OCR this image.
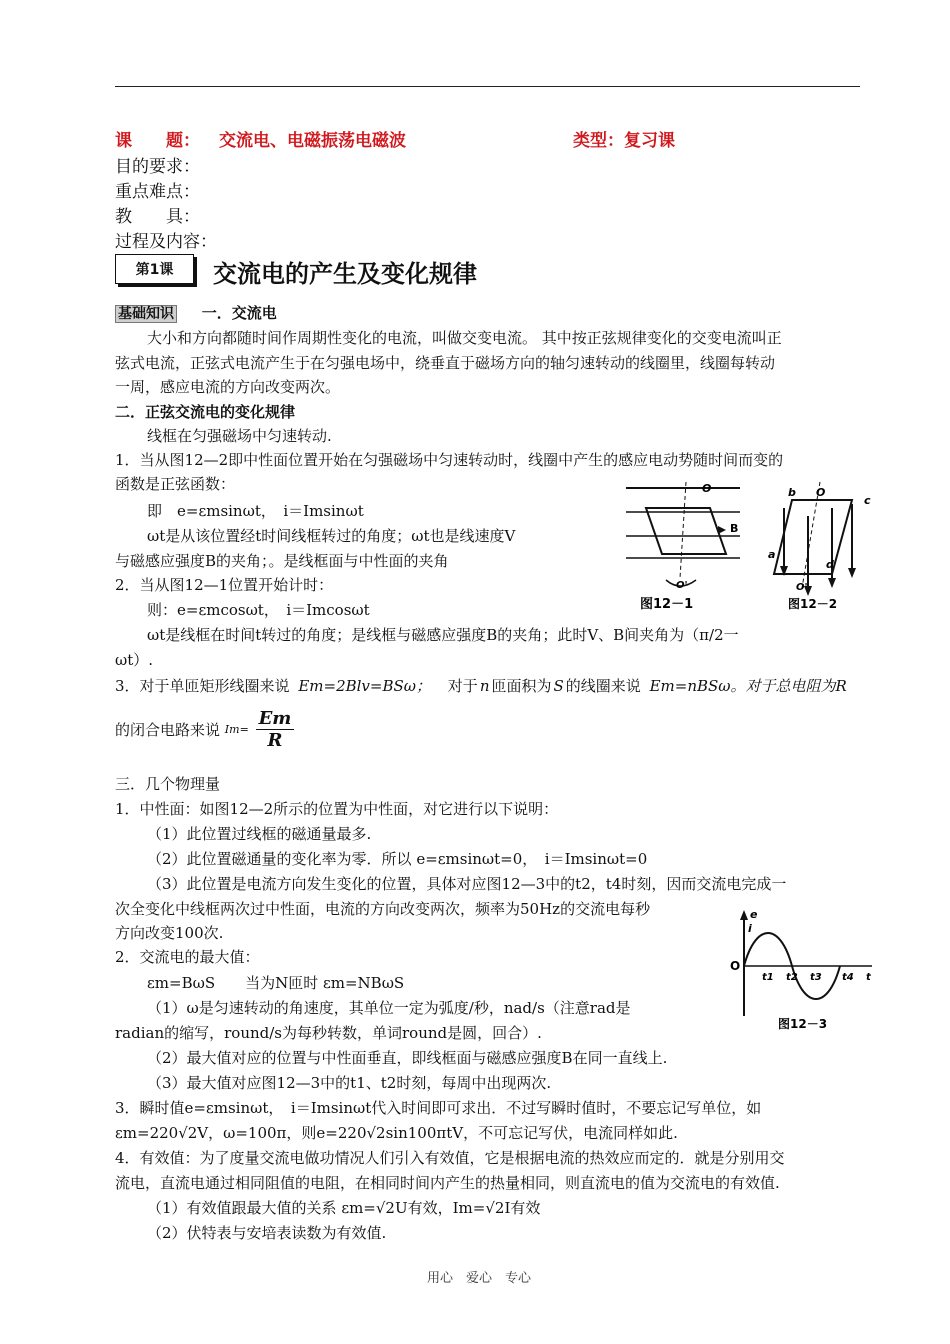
课　　题： 交流电、电磁振荡电磁波	类型：复习课
目的要求：
重点难点：
教　　具：
过程及内容：
第1课	交流电的产生及变化规律
基础知识 一．交流电
大小和方向都随时间作周期性变化的电流，叫做交变电流。 其中按正弦规律变化的交变电流叫正
弦式电流，正弦式电流产生于在匀强电场中，绕垂直于磁场方向的轴匀速转动的线圈里，线圈每转动
一周，感应电流的方向改变两次。
二．正弦交流电的变化规律
线框在匀强磁场中匀速转动.
1．当从图12—2即中性面位置开始在匀强磁场中匀速转动时，线圈中产生的感应电动势随时间而变的
函数是正弦函数：
即　e=εmsinωt，　i＝Imsinωt
ωt是从该位置经t时间线框转过的角度；ωt也是线速度V
与磁感应强度B的夹角；。是线框面与中性面的夹角
2．当从图12—1位置开始计时：
则：e=εmcosωt，　i＝Imcosωt
ωt是线框在时间t转过的角度；是线框与磁感应强度B的夹角；此时V、B间夹角为（π/2一
ωt）.
3．对于单匝矩形线圈来说 Em=2Blv=BSω； 对于 n 匝面积为 S 的线圈来说 Em=nBSω。对于总电阻为R
的闭合电路来说 $Im= \frac{Em}{R}$
三．几个物理量
1．中性面：如图12—2所示的位置为中性面，对它进行以下说明：
（1）此位置过线框的磁通量最多.
（2）此位置磁通量的变化率为零．所以 e=εmsinωt=0，　i＝Imsinωt=0
（3）此位置是电流方向发生变化的位置，具体对应图12—3中的t2，t4时刻，因而交流电完成一
次全变化中线框两次过中性面，电流的方向改变两次，频率为50Hz的交流电每秒
方向改变100次.
2．交流电的最大值：
εm=BωS　　当为N匝时 εm=NBωS
（1）ω是匀速转动的角速度，其单位一定为弧度/秒，nad/s（注意rad是
radian的缩写，round/s为每秒转数，单词round是圆，回合）.
（2）最大值对应的位置与中性面垂直，即线框面与磁感应强度B在同一直线上.
（3）最大值对应图12—3中的t1、t2时刻，每周中出现两次.
3．瞬时值e=εmsinωt，　i＝Imsinωt代入时间即可求出．不过写瞬时值时，不要忘记写单位，如
εm=220√2V，ω=100π，则e=220√2sin100πtV，不可忘记写伏，电流同样如此.
4．有效值：为了度量交流电做功情况人们引入有效值，它是根据电流的热效应而定的．就是分别用交
流电，直流电通过相同阻值的电阻，在相同时间内产生的热量相同，则直流电的值为交流电的有效值.
（1）有效值跟最大值的关系 εm=√2U有效，Im=√2I有效
（2）伏特表与安培表读数为有效值.
O
B
O'
图12－1
b O
c
a
d
O'
图12－2
e
i
O
t1 t2 t3 t4 t
图12－3
用心　爱心　专心
